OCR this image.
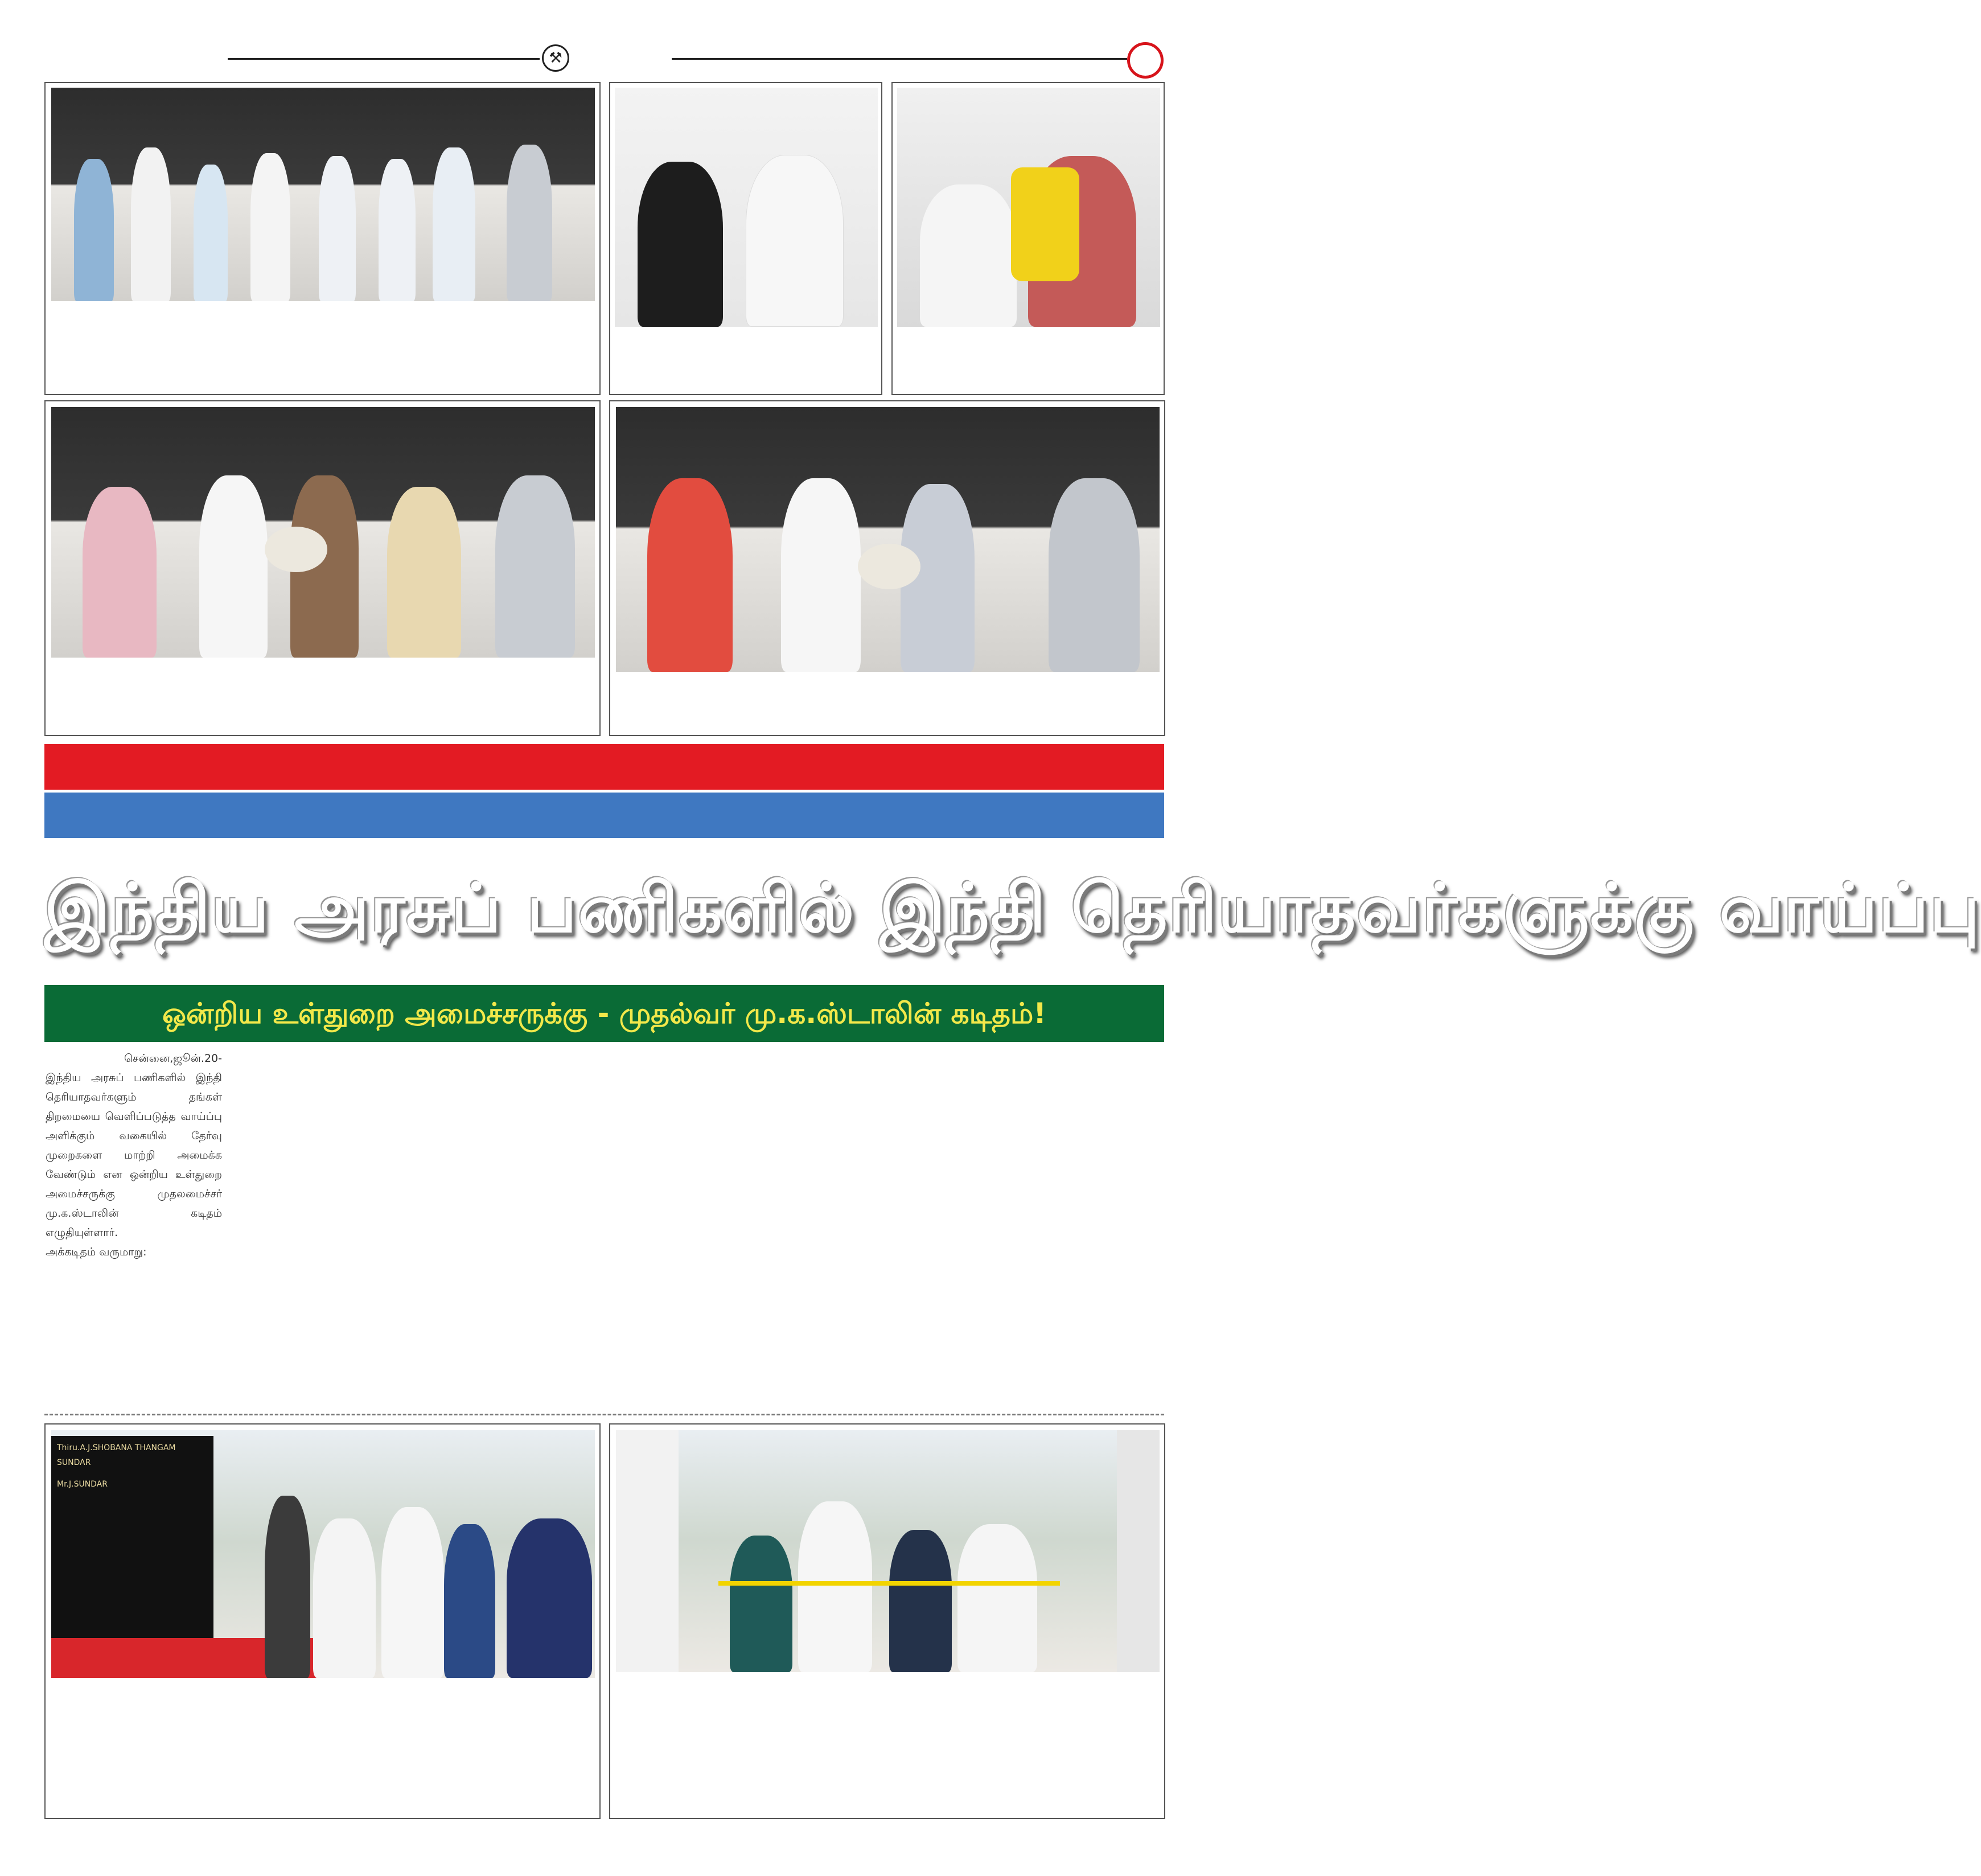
⚒
இந்திய அரசுப் பணிகளில் இந்தி தெரியாதவர்களுக்கு வாய்ப்பு
ஒன்றிய உள்துறை அமைச்சருக்கு - முதல்வர் மு.க.ஸ்டாலின் கடிதம்!

சென்னை,ஜூன்.20-

இந்திய அரசுப் பணிகளில் இந்தி தெரியாதவர்களும் தங்கள் திறமையை வெளிப்படுத்த வாய்ப்பு அளிக்கும் வகையில் தேர்வு முறைகளை மாற்றி அமைக்க வேண்டும் என ஒன்றிய உள்துறை அமைச்சருக்கு முதலமைச்சர் மு.க.ஸ்டாலின் கடிதம் எழுதியுள்ளார்.

அக்கடிதம் வருமாறு:

Thiru.A.J.SHOBANA THANGAM SUNDAR
Mr.J.SUNDAR
